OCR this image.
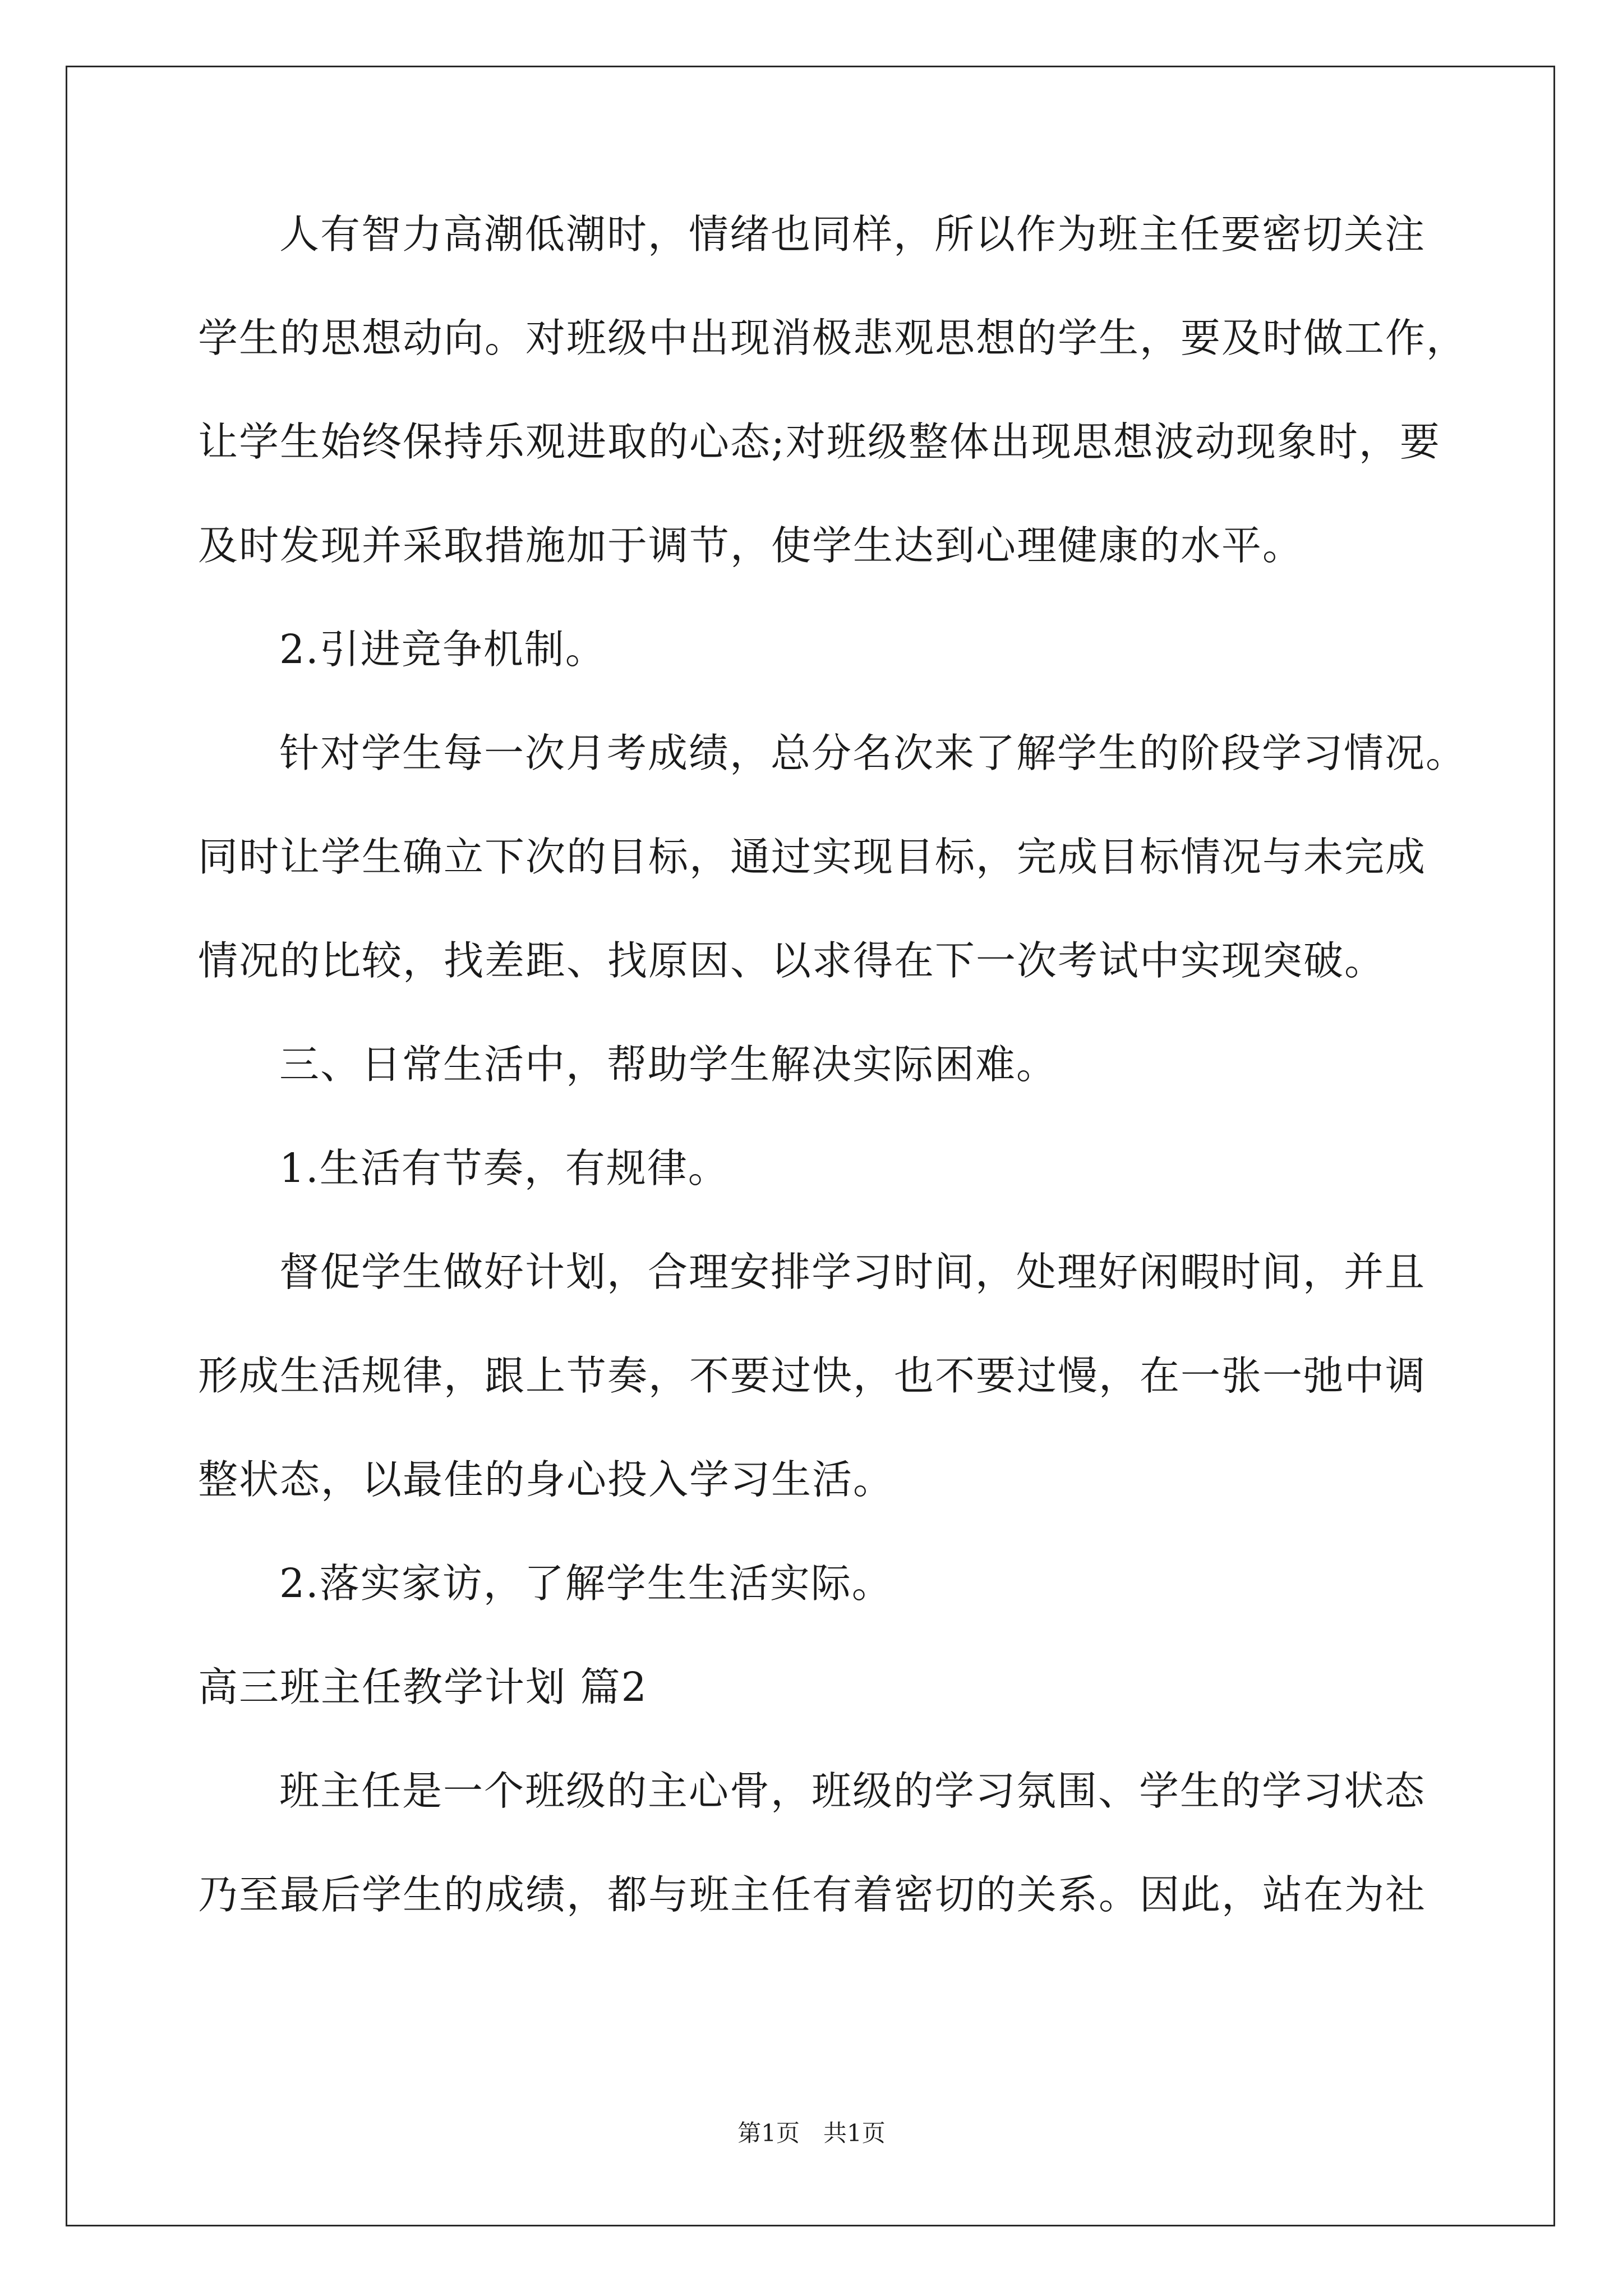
人有智力高潮低潮时，情绪也同样，所以作为班主任要密切关注
学生的思想动向。对班级中出现消极悲观思想的学生，要及时做工作，
让学生始终保持乐观进取的心态;对班级整体出现思想波动现象时，要
及时发现并采取措施加于调节，使学生达到心理健康的水平。
2.引进竞争机制。
针对学生每一次月考成绩，总分名次来了解学生的阶段学习情况。
同时让学生确立下次的目标，通过实现目标，完成目标情况与未完成
情况的比较，找差距、找原因、以求得在下一次考试中实现突破。
三、日常生活中，帮助学生解决实际困难。
1.生活有节奏，有规律。
督促学生做好计划，合理安排学习时间，处理好闲暇时间，并且
形成生活规律，跟上节奏，不要过快，也不要过慢，在一张一弛中调
整状态，以最佳的身心投入学习生活。
2.落实家访，了解学生生活实际。
高三班主任教学计划 篇2
班主任是一个班级的主心骨，班级的学习氛围、学生的学习状态
乃至最后学生的成绩，都与班主任有着密切的关系。因此，站在为社
第1页　共1页
